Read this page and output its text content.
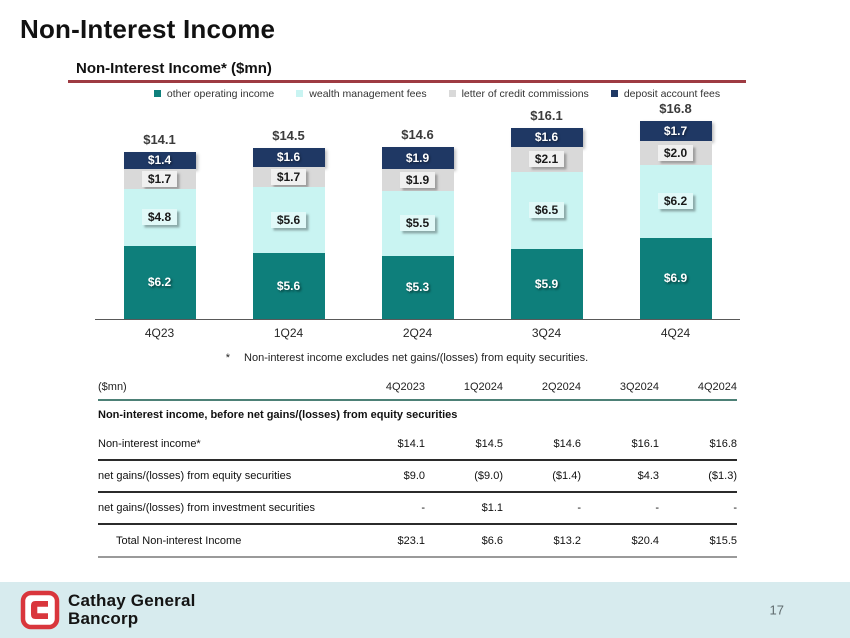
Non-Interest Income
Non-Interest Income* ($mn)
other operating income	wealth management fees	letter of credit commissions	deposit account fees
$14.1
$1.4
$1.7
$4.8
$6.2
$14.5
$1.6
$1.7
$5.6
$5.6
$14.6
$1.9
$1.9
$5.5
$5.3
$16.1
$1.6
$2.1
$6.5
$5.9
$16.8
$1.7
$2.0
$6.2
$6.9
4Q23	1Q24	2Q24	3Q24	4Q24
* Non-interest income excludes net gains/(losses) from equity securities.
($mn)	4Q2023	1Q2024	2Q2024	3Q2024	4Q2024
Non-interest income, before net gains/(losses) from equity securities
Non-interest income*	$14.1	$14.5	$14.6	$16.1	$16.8
net gains/(losses) from equity securities	$9.0	($9.0)	($1.4)	$4.3	($1.3)
net gains/(losses) from investment securities	-	$1.1	-	-	-
Total Non-interest Income	$23.1	$6.6	$13.2	$20.4	$15.5
Cathay General
Bancorp	17
